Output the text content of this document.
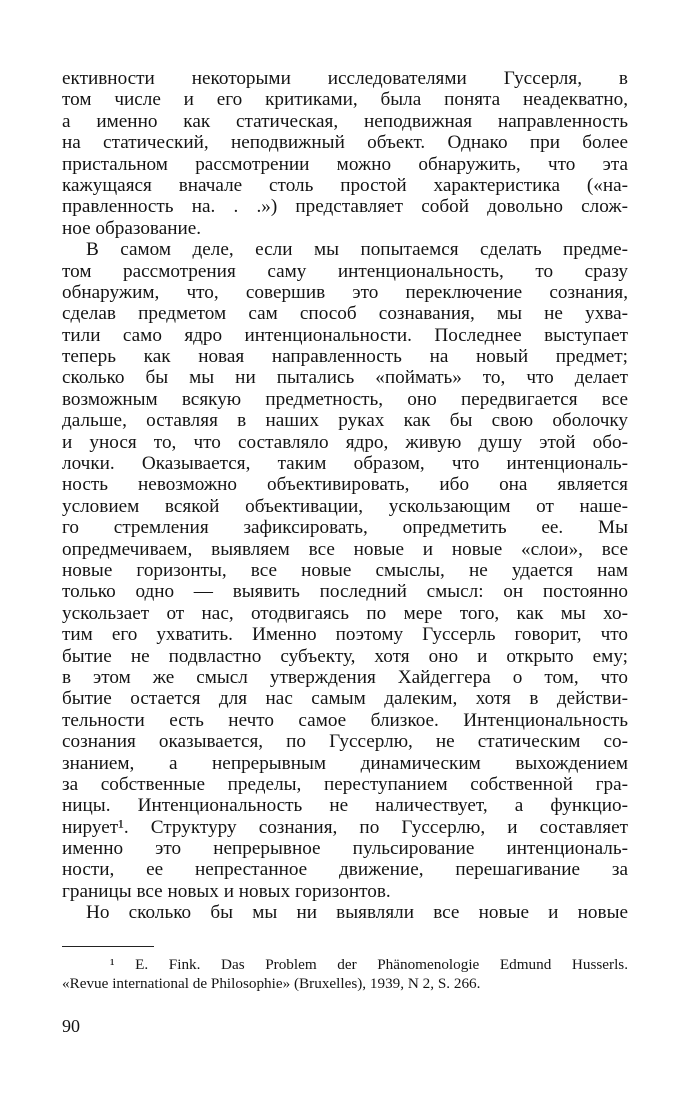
ективности некоторыми исследователями Гуссерля, в
том числе и его критиками, была понята неадекватно,
а именно как статическая, неподвижная направленность
на статический, неподвижный объект. Однако при более
пристальном рассмотрении можно обнаружить, что эта
кажущаяся вначале столь простой характеристика («на-
правленность на. . .») представляет собой довольно слож-
ное образование.
В самом деле, если мы попытаемся сделать предме-
том рассмотрения саму интенциональность, то сразу
обнаружим, что, совершив это переключение сознания,
сделав предметом сам способ сознавания, мы не ухва-
тили само ядро интенциональности. Последнее выступает
теперь как новая направленность на новый предмет;
сколько бы мы ни пытались «поймать» то, что делает
возможным всякую предметность, оно передвигается все
дальше, оставляя в наших руках как бы свою оболочку
и унося то, что составляло ядро, живую душу этой обо-
лочки. Оказывается, таким образом, что интенциональ-
ность невозможно объективировать, ибо она является
условием всякой объективации, ускользающим от наше-
го стремления зафиксировать, опредметить ее. Мы
опредмечиваем, выявляем все новые и новые «слои», все
новые горизонты, все новые смыслы, не удается нам
только одно — выявить последний смысл: он постоянно
ускользает от нас, отодвигаясь по мере того, как мы хо-
тим его ухватить. Именно поэтому Гуссерль говорит, что
бытие не подвластно субъекту, хотя оно и открыто ему;
в этом же смысл утверждения Хайдеггера о том, что
бытие остается для нас самым далеким, хотя в действи-
тельности есть нечто самое близкое. Интенциональность
сознания оказывается, по Гуссерлю, не статическим со-
знанием, а непрерывным динамическим выхождением
за собственные пределы, переступанием собственной гра-
ницы. Интенциональность не наличествует, а функцио-
нирует¹. Структуру сознания, по Гуссерлю, и составляет
именно это непрерывное пульсирование интенциональ-
ности, ее непрестанное движение, перешагивание за
границы все новых и новых горизонтов.
Но сколько бы мы ни выявляли все новые и новые
¹ E. Fink. Das Problem der Phänomenologie Edmund Husserls.
«Revue international de Philosophie» (Bruxelles), 1939, N 2, S. 266.
90
